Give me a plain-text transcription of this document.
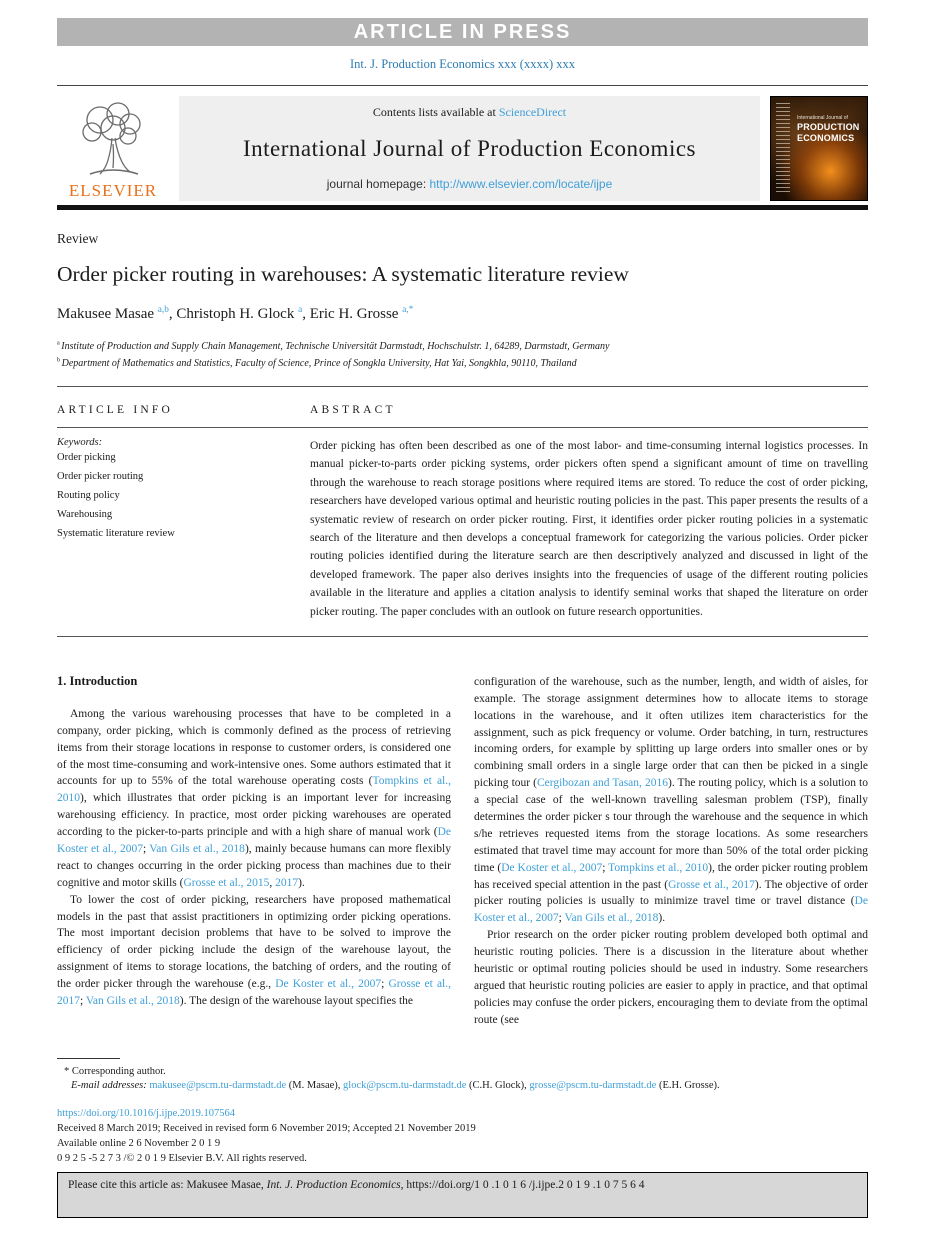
ARTICLE IN PRESS
Int. J. Production Economics xxx (xxxx) xxx
ELSEVIER
Contents lists available at ScienceDirect
International Journal of Production Economics
journal homepage: http://www.elsevier.com/locate/ijpe
International Journal of
PRODUCTION
ECONOMICS
Review
Order picker routing in warehouses: A systematic literature review
Makusee Masae $^{a,b}$, Christoph H. Glock $^a$, Eric H. Grosse $^{a,*}$
$^a$ Institute of Production and Supply Chain Management, Technische Universität Darmstadt, Hochschulstr. 1, 64289, Darmstadt, Germany
$^b$ Department of Mathematics and Statistics, Faculty of Science, Prince of Songkla University, Hat Yai, Songkhla, 90110, Thailand
ARTICLE INFO
Keywords:
Order picking
Order picker routing
Routing policy
Warehousing
Systematic literature review
ABSTRACT
Order picking has often been described as one of the most labor- and time-consuming internal logistics processes. In manual picker-to-parts order picking systems, order pickers often spend a significant amount of time on travelling through the warehouse to reach storage positions where required items are stored. To reduce the cost of order picking, researchers have developed various optimal and heuristic routing policies in the past. This paper presents the results of a systematic review of research on order picker routing. First, it identifies order picker routing policies in a systematic search of the literature and then develops a conceptual framework for categorizing the various policies. Order picker routing policies identified during the literature search are then descriptively analyzed and discussed in light of the developed framework. The paper also derives insights into the frequencies of usage of the different routing policies available in the literature and applies a citation analysis to identify seminal works that shaped the literature on order picker routing. The paper concludes with an outlook on future research opportunities.
1. Introduction

Among the various warehousing processes that have to be completed in a company, order picking, which is commonly defined as the process of retrieving items from their storage locations in response to customer orders, is considered one of the most time-consuming and work-intensive ones. Some authors estimated that it accounts for up to 55% of the total warehouse operating costs (Tompkins et al., 2010), which illustrates that order picking is an important lever for increasing warehousing efficiency. In practice, most order picking warehouses are operated according to the picker-to-parts principle and with a high share of manual work (De Koster et al., 2007; Van Gils et al., 2018), mainly because humans can more flexibly react to changes occurring in the order picking process than machines due to their cognitive and motor skills (Grosse et al., 2015, 2017).

To lower the cost of order picking, researchers have proposed mathematical models in the past that assist practitioners in optimizing order picking operations. The most important decision problems that have to be solved to improve the efficiency of order picking include the design of the warehouse layout, the assignment of items to storage locations, the batching of orders, and the routing of the order picker through the warehouse (e.g., De Koster et al., 2007; Grosse et al., 2017; Van Gils et al., 2018). The design of the warehouse layout specifies the

configuration of the warehouse, such as the number, length, and width of aisles, for example. The storage assignment determines how to allocate items to storage locations in the warehouse, and it often utilizes item characteristics for the assignment, such as pick frequency or volume. Order batching, in turn, restructures incoming orders, for example by splitting up large orders into smaller ones or by combining small orders in a single large order that can then be picked in a single picking tour (Cergibozan and Tasan, 2016). The routing policy, which is a solution to a special case of the well-known travelling salesman problem (TSP), finally determines the order picker s tour through the warehouse and the sequence in which s/he retrieves requested items from the storage locations. As some researchers estimated that travel time may account for more than 50% of the total order picking time (De Koster et al., 2007; Tompkins et al., 2010), the order picker routing problem has received special attention in the past (Grosse et al., 2017). The objective of order picker routing policies is usually to minimize travel time or travel distance (De Koster et al., 2007; Van Gils et al., 2018).

Prior research on the order picker routing problem developed both optimal and heuristic routing policies. There is a discussion in the literature about whether heuristic or optimal routing policies should be used in industry. Some researchers argued that heuristic routing policies are easier to apply in practice, and that optimal policies may confuse the order pickers, encouraging them to deviate from the optimal route (see

* Corresponding author.
E-mail addresses: makusee@pscm.tu-darmstadt.de (M. Masae), glock@pscm.tu-darmstadt.de (C.H. Glock), grosse@pscm.tu-darmstadt.de (E.H. Grosse).
https://doi.org/10.1016/j.ijpe.2019.107564
Received 8 March 2019; Received in revised form 6 November 2019; Accepted 21 November 2019
Available online 2 6 November 2 0 1 9
0 9 2 5 -5 2 7 3 /© 2 0 1 9 Elsevier B.V. All rights reserved.
Please cite this article as: Makusee Masae, Int. J. Production Economics, https://doi.org/1 0 .1 0 1 6 /j.ijpe.2 0 1 9 .1 0 7 5 6 4
